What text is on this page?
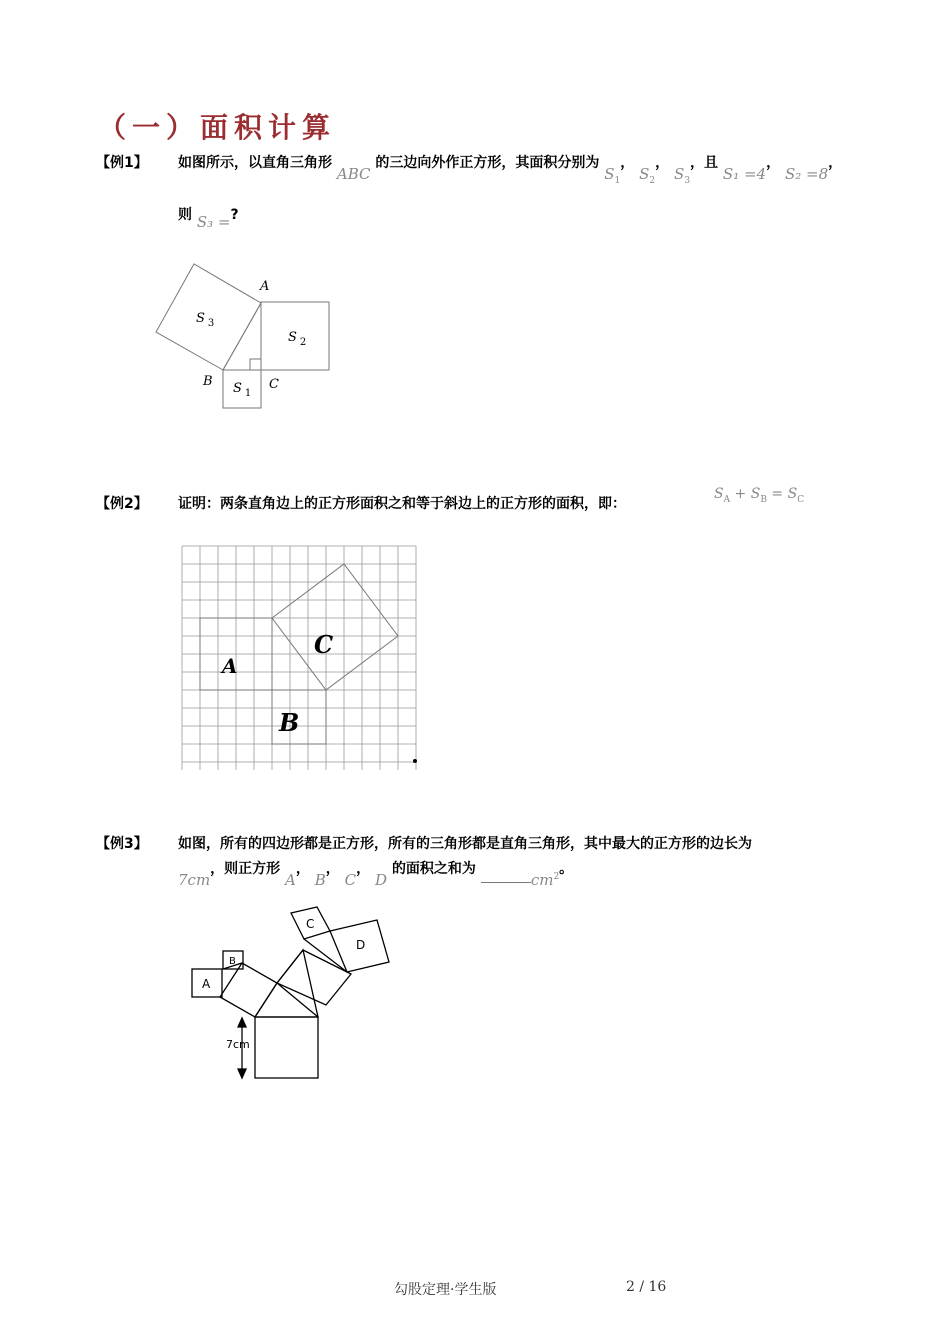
（一）面积计算
【例1】 如图所示，以直角三角形 ABC 的三边向外作正方形，其面积分别为 $S_1$， $S_2$， $S_3$，且 S₁ =4， S₂ =8，
则 S₃ =?
A
B	C
S $_3$
S $_2$
S $_1$
【例2】 证明：两条直角边上的正方形面积之和等于斜边上的正方形的面积，即：
$S_A + S_B = S_C$
A
B
C
【例3】 如图，所有的四边形都是正方形，所有的三角形都是直角三角形，其中最大的正方形的边长为
7cm，则正方形 A， B， C， D 的面积之和为 $cm^2$。
A
B
C
D
7cm
勾股定理·学生版	2 / 16
